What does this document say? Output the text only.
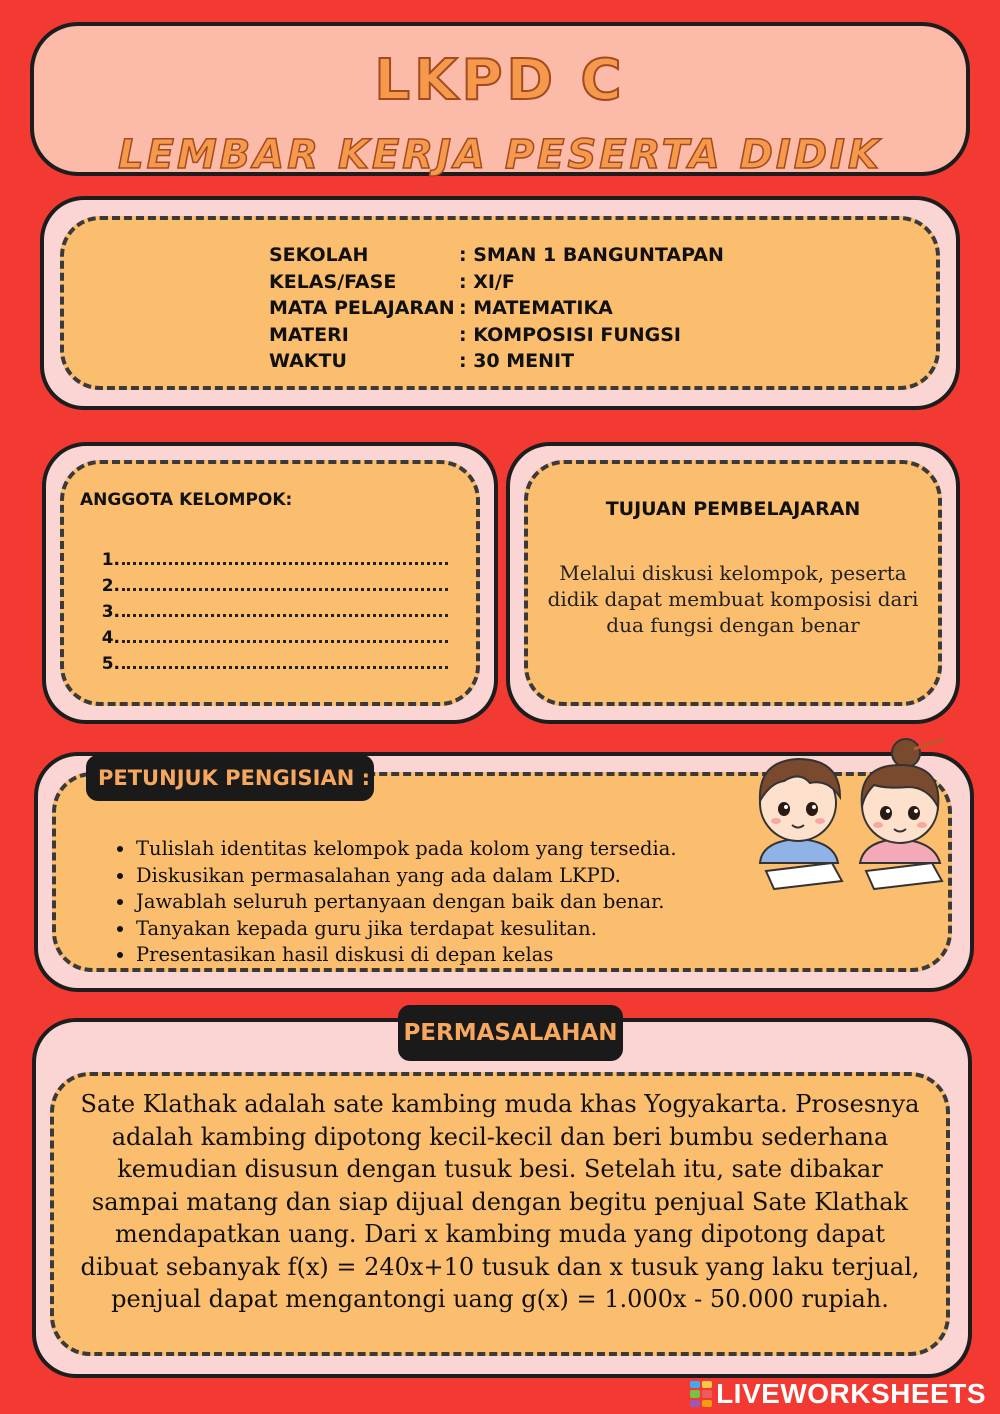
LKPD C
LEMBAR KERJA PESERTA DIDIK
SEKOLAH	: SMAN 1 BANGUNTAPAN
KELAS/FASE	: XI/F
MATA PELAJARAN : MATEMATIKA
MATERI	: KOMPOSISI FUNGSI
WAKTU	: 30 MENIT
ANGGOTA KELOMPOK:
1.
2.
3.
4.
5.
TUJUAN PEMBELAJARAN
Melalui diskusi kelompok, peserta didik dapat membuat komposisi dari dua fungsi dengan benar
• Tulislah identitas kelompok pada kolom yang tersedia.
• Diskusikan permasalahan yang ada dalam LKPD.
• Jawablah seluruh pertanyaan dengan baik dan benar.
• Tanyakan kepada guru jika terdapat kesulitan.
• Presentasikan hasil diskusi di depan kelas
PETUNJUK PENGISIAN :
Sate Klathak adalah sate kambing muda khas Yogyakarta. Prosesnya adalah kambing dipotong kecil-kecil dan beri bumbu sederhana kemudian disusun dengan tusuk besi. Setelah itu, sate dibakar sampai matang dan siap dijual dengan begitu penjual Sate Klathak mendapatkan uang. Dari x kambing muda yang dipotong dapat dibuat sebanyak f(x) = 240x+10 tusuk dan x tusuk yang laku terjual, penjual dapat mengantongi uang g(x) = 1.000x - 50.000 rupiah.
PERMASALAHAN
LIVEWORKSHEETS
